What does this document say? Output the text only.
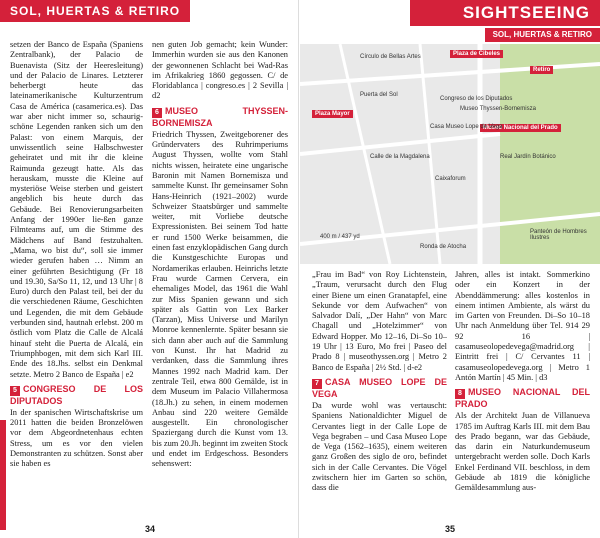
SOL, HUERTAS & RETIRO

setzen der Banco de España (Spaniens Zentralbank), der Palacio de Buenavista (Sitz der Heeresleitung) und der Palacio de Linares. Letzterer beherbergt heute das lateinamerikanische Kulturzentrum Casa de América (casamerica.es). Das war aber nicht immer so, schaurig-schöne Legenden ranken sich um den Palast: von einem Marquis, der unwissentlich seine Halbschwester geheiratet und mit ihr die kleine Raimunda gezeugt hatte. Als das herauskam, musste die Kleine auf mysteriöse Weise sterben und geistert angeblich bis heute durch das Gebäude. Bei Renovierungsarbeiten Anfang der 1990er lie-ßen ganze Filmteams auf, um die Stimme des Mädchens auf Band festzuhalten. „Mama, wo bist du“, soll sie immer wieder gerufen haben … Nimm an einer geführten Besichtigung (Fr 18 und 19.30, Sa/So 11, 12, und 13 Uhr | 8 Euro) durch den Palast teil, bei der du die verschiedenen Räume, Geschichten und Legenden, die mit dem Gebäude verbunden sind, hautnah erlebst. 200 m östlich vom Platz die Calle de Alcalá hinauf steht die Puerta de Alcalá, ein Triumphbogen, mit dem sich Karl III. Ende des 18.Jhs. selbst ein Denkmal setzte. Metro 2 Banco de España | e2

5 CONGRESO DE LOS DIPUTADOS

In der spanischen Wirtschaftskrise um 2011 hatten die beiden Bronzelöwen vor dem Abgeordnetenhaus echten Stress, um es vor den vielen Demonstranten zu schützen. Sonst aber sie haben es

nen guten Job gemacht; kein Wunder: Immerhin wurden sie aus den Kanonen der gewonnenen Schlacht bei Wad-Ras im Afrikakrieg 1860 gegossen. C/ de Floridablanca | congreso.es | 2 Sevilla | d2

6 MUSEO THYSSEN-BORNEMISZA

Friedrich Thyssen, Zweitgeborener des Gründervaters des Ruhrimperiums August Thyssen, wollte vom Stahl nichts wissen, heiratete eine ungarische Baronin mit Namen Bornemisza und sammelte Kunst. Ihr gemeinsamer Sohn Hans-Heinrich (1921–2002) wurde Schweizer Staatsbürger und sammelte weiter, mit Vorliebe deutsche Expressionisten. Bei seinem Tod hatte er rund 1500 Werke beisammen, die einen fast enzyklopädischen Gang durch die Kunstgeschichte Europas und Nordamerikas erlauben. Heinrichs letzte Frau wurde Carmen Cervera, ein ehemaliges Model, das 1961 die Wahl zur Miss Spanien gewann und sich später als Gattin von Lex Barker (Tarzan), Miss Universe und Marilyn Monroe kennenlernte. Später besann sie sich dann aber auch auf die Sammlung von Kunst. Ihr hat Madrid zu verdanken, dass die Sammlung ihres Mannes 1992 nach Madrid kam. Der zentrale Teil, etwa 800 Gemälde, ist in dem Museum im Palacio Villahermosa (18.Jh.) zu sehen, in einem modernen Anbau sind 220 weitere Gemälde ausgestellt. Ein chronologischer Spaziergang durch die Kunst vom 13. bis zum 20.Jh. beginnt im zweiten Stock und endet im Erdgeschoss. Besonders sehenswert:

34
SIGHTSEEING
SOL, HUERTAS & RETIRO
Plaza de Cibeles
Retiro
Plaza Mayor
Museo Nacional del Prado
Círculo de Bellas Artes
Congreso de los Diputados
Museo Thyssen-Bornemisza
Casa Museo Lope de Vega
Caixaforum
Real Jardín Botánico
Puerta del Sol
Calle de la Magdalena
Ronda de Atocha
Panteón de Hombres Ilustres
400 m / 437 yd

„Frau im Bad“ von Roy Lichtenstein, „Traum, verursacht durch den Flug einer Biene um einen Granatapfel, eine Sekunde vor dem Aufwachen“ von Salvador Dalí, „Der Hahn“ von Marc Chagall und „Hotelzimmer“ von Edward Hopper. Mo 12–16, Di–So 10–19 Uhr | 13 Euro, Mo frei | Paseo del Prado 8 | museothyssen.org | Metro 2 Banco de España | 2½ Std. | d-e2

7 CASA MUSEO LOPE DE VEGA

Da wurde wohl was vertauscht: Spaniens Nationaldichter Miguel de Cervantes liegt in der Calle Lope de Vega begraben – und Casa Museo Lope de Vega (1562–1635), einem weiteren ganz Großen des siglo de oro, befindet sich in der Calle Cervantes. Die Vögel zwitschern hier im Garten so schön, dass die

Jahren, alles ist intakt. Sommerkino oder ein Konzert in der Abenddämmerung: alles kostenlos in einem intimen Ambiente, als wärst du im Garten von Freunden. Di–So 10–18 Uhr nach Anmeldung über Tel. 914 29 92 16 | casamuseolopedevega@madrid.org | Eintritt frei | C/ Cervantes 11 | casamuseolopedevega.org | Metro 1 Antón Martín | 45 Min. | d3

8 MUSEO NACIONAL DEL PRADO

Als der Architekt Juan de Villanueva 1785 im Auftrag Karls III. mit dem Bau des Prado begann, war das Gebäude, das darin ein Naturkundemuseum untergebracht werden solle. Doch Karls Enkel Ferdinand VII. beschloss, in dem Gebäude ab 1819 die königliche Gemäldesammlung aus-

35
